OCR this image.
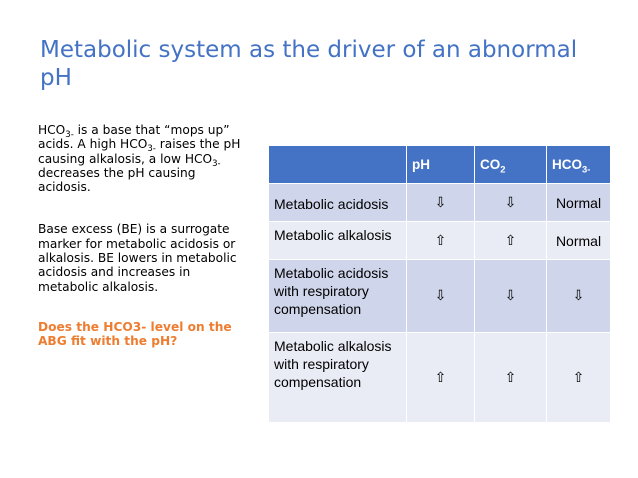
Metabolic system as the driver of an abnormal
pH

$HCO_{3-}$ is a base that “mops up” acids. A high $HCO_{3-}$ raises the pH causing alkalosis, a low $HCO_{3-}$ decreases the pH causing acidosis.

Base excess (BE) is a surrogate marker for metabolic acidosis or alkalosis. BE lowers in metabolic acidosis and increases in metabolic alkalosis.

Does the HCO3- level on the ABG fit with the pH?

	pH	$CO_2$	$HCO_{3-}$
Metabolic acidosis	⇩	⇩	Normal
Metabolic alkalosis	⇧	⇧	Normal
Metabolic acidosis with respiratory compensation	⇩	⇩	⇩
Metabolic alkalosis with respiratory compensation	⇧	⇧	⇧
